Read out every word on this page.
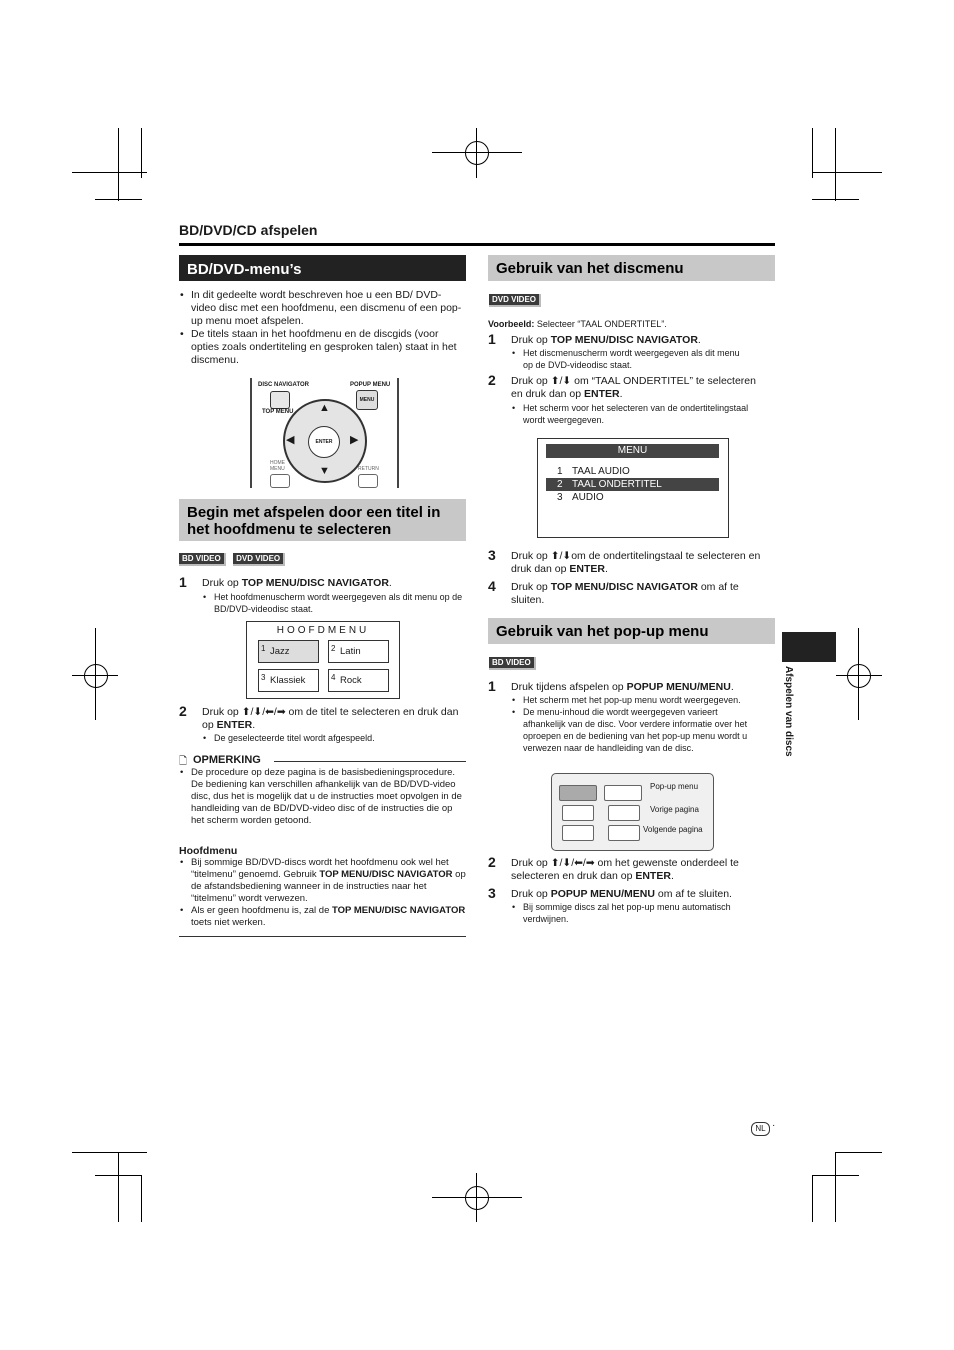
BD/DVD/CD afspelen
BD/DVD-menu’s
• In dit gedeelte wordt beschreven hoe u een BD/ DVD-video disc met een hoofdmenu, een discmenu of een pop-up menu moet afspelen.
• De titels staan in het hoofdmenu en de discgids (voor opties zoals ondertiteling en gesproken talen) staat in het discmenu.
DISC NAVIGATOR
TOP MENU
POPUP MENU
MENU
▲
▼
◀	▶
ENTER
HOME MENU	RETURN
Begin met afspelen door een titel in het hoofdmenu te selecteren
BD VIDEO DVD VIDEO
1 Druk op TOP MENU/DISC NAVIGATOR.
• Het hoofdmenuscherm wordt weergegeven als dit menu op de BD/DVD-videodisc staat.
HOOFDMENU
1 Jazz	2 Latin
3 Klassiek	4 Rock
2 Druk op ⬆/⬇/⬅/➡ om de titel te selecteren en druk dan op ENTER.
• De geselecteerde titel wordt afgespeeld.
🗋 OPMERKING
• De procedure op deze pagina is de basisbedieningsprocedure. De bediening kan verschillen afhankelijk van de BD/DVD-video disc, dus het is mogelijk dat u de instructies moet opvolgen in de handleiding van de BD/DVD-video disc of de instructies die op het scherm worden getoond.
Hoofdmenu
• Bij sommige BD/DVD-discs wordt het hoofdmenu ook wel het “titelmenu” genoemd. Gebruik TOP MENU/DISC NAVIGATOR op de afstandsbediening wanneer in de instructies naar het “titelmenu” wordt verwezen.
• Als er geen hoofdmenu is, zal de TOP MENU/DISC NAVIGATOR toets niet werken.
Gebruik van het discmenu
DVD VIDEO
Voorbeeld: Selecteer “TAAL ONDERTITEL”.
1 Druk op TOP MENU/DISC NAVIGATOR.
• Het discmenuscherm wordt weergegeven als dit menu op de DVD-videodisc staat.
2 Druk op ⬆/⬇ om “TAAL ONDERTITEL” te selecteren en druk dan op ENTER.
• Het scherm voor het selecteren van de ondertitelingstaal wordt weergegeven.
MENU
1 TAAL AUDIO
2 TAAL ONDERTITEL
3 AUDIO
3 Druk op ⬆/⬇om de ondertitelingstaal te selecteren en druk dan op ENTER.
4 Druk op TOP MENU/DISC NAVIGATOR om af te sluiten.
Gebruik van het pop-up menu
BD VIDEO
1 Druk tijdens afspelen op POPUP MENU/MENU.
• Het scherm met het pop-up menu wordt weergegeven.
• De menu-inhoud die wordt weergegeven varieert afhankelijk van de disc. Voor verdere informatie over het oproepen en de bediening van het pop-up menu wordt u verwezen naar de handleiding van de disc.
Pop-up menu
Vorige pagina
Volgende pagina
2 Druk op ⬆/⬇/⬅/➡ om het gewenste onderdeel te selecteren en druk dan op ENTER.
3 Druk op POPUP MENU/MENU om af te sluiten.
• Bij sommige discs zal het pop-up menu automatisch verdwijnen.
Afspelen van discs
NL ·
